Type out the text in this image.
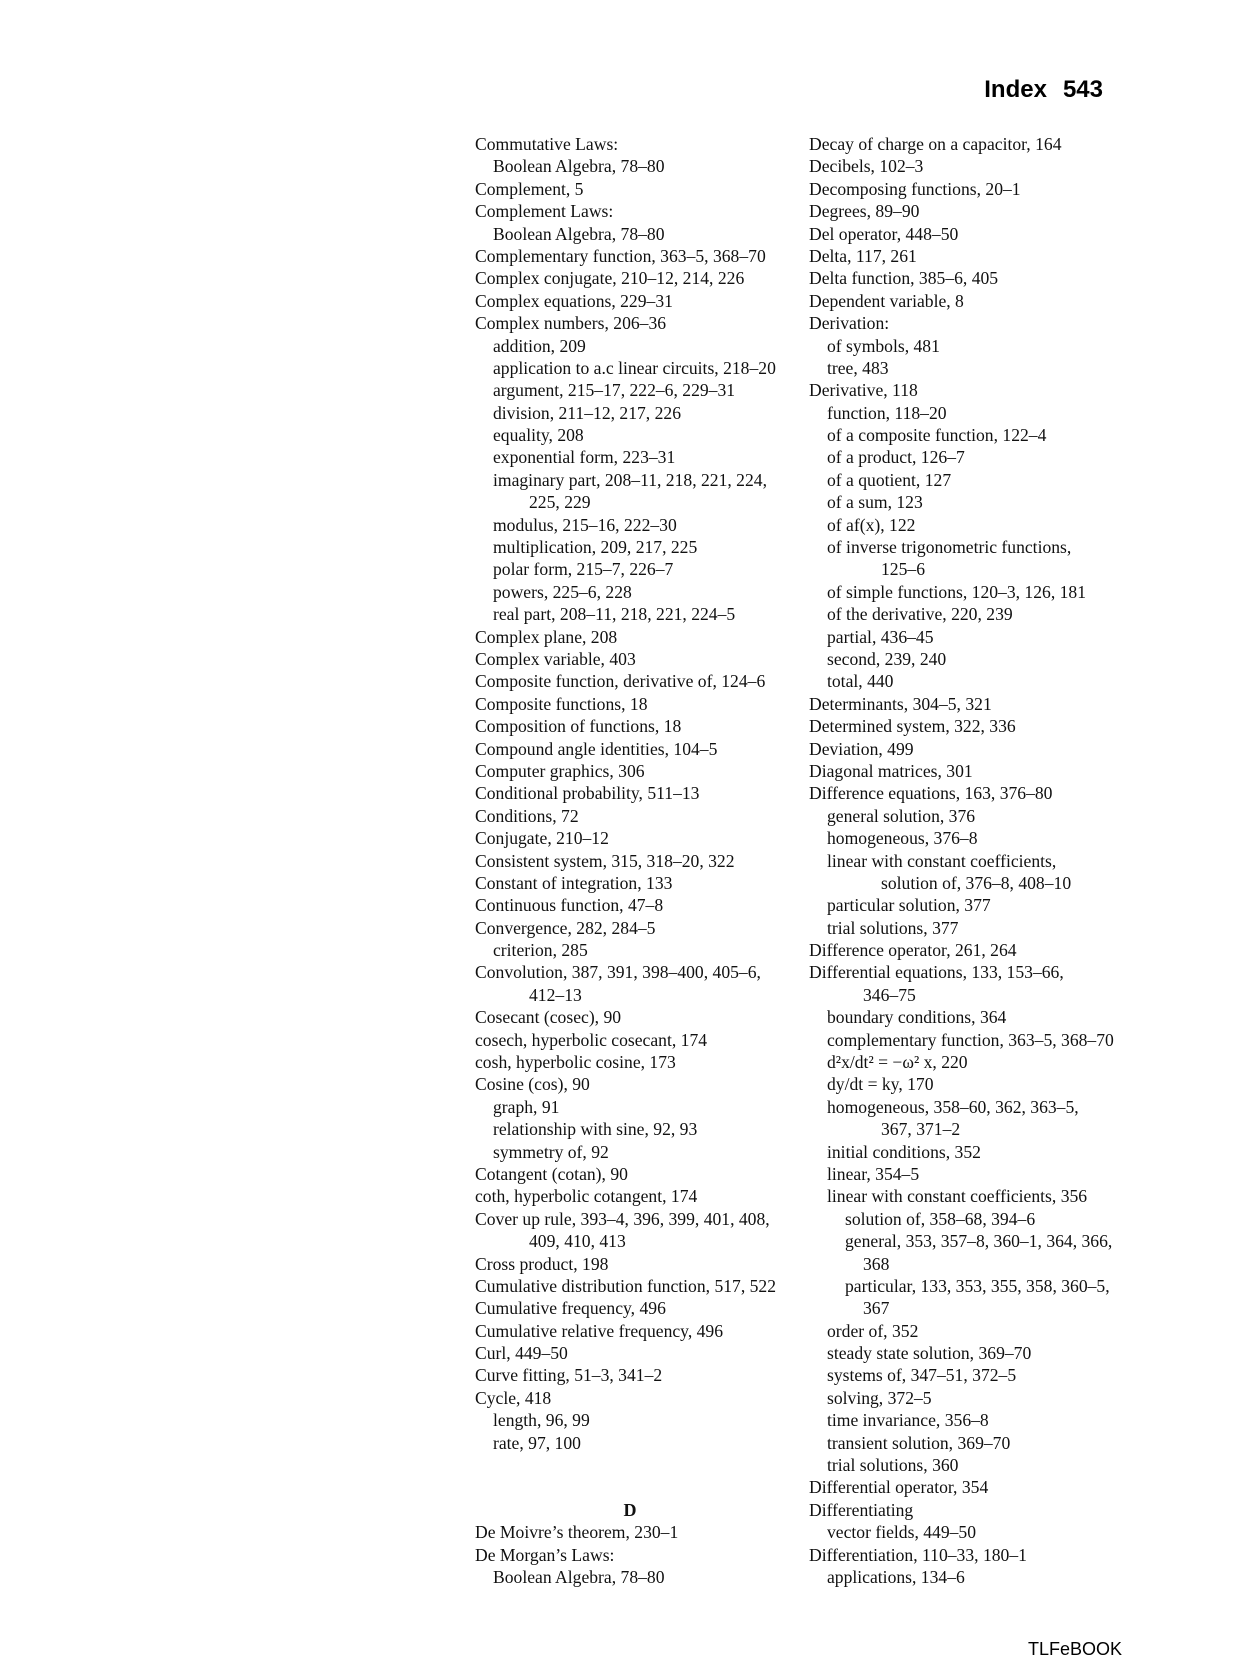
Index 543
Commutative Laws:
Boolean Algebra, 78–80
Complement, 5
Complement Laws:
Boolean Algebra, 78–80
Complementary function, 363–5, 368–70
Complex conjugate, 210–12, 214, 226
Complex equations, 229–31
Complex numbers, 206–36
addition, 209
application to a.c linear circuits, 218–20
argument, 215–17, 222–6, 229–31
division, 211–12, 217, 226
equality, 208
exponential form, 223–31
imaginary part, 208–11, 218, 221, 224,
225, 229
modulus, 215–16, 222–30
multiplication, 209, 217, 225
polar form, 215–7, 226–7
powers, 225–6, 228
real part, 208–11, 218, 221, 224–5
Complex plane, 208
Complex variable, 403
Composite function, derivative of, 124–6
Composite functions, 18
Composition of functions, 18
Compound angle identities, 104–5
Computer graphics, 306
Conditional probability, 511–13
Conditions, 72
Conjugate, 210–12
Consistent system, 315, 318–20, 322
Constant of integration, 133
Continuous function, 47–8
Convergence, 282, 284–5
criterion, 285
Convolution, 387, 391, 398–400, 405–6,
412–13
Cosecant (cosec), 90
cosech, hyperbolic cosecant, 174
cosh, hyperbolic cosine, 173
Cosine (cos), 90
graph, 91
relationship with sine, 92, 93
symmetry of, 92
Cotangent (cotan), 90
coth, hyperbolic cotangent, 174
Cover up rule, 393–4, 396, 399, 401, 408,
409, 410, 413
Cross product, 198
Cumulative distribution function, 517, 522
Cumulative frequency, 496
Cumulative relative frequency, 496
Curl, 449–50
Curve fitting, 51–3, 341–2
Cycle, 418
length, 96, 99
rate, 97, 100
D
De Moivre’s theorem, 230–1
De Morgan’s Laws:
Boolean Algebra, 78–80
Decay of charge on a capacitor, 164
Decibels, 102–3
Decomposing functions, 20–1
Degrees, 89–90
Del operator, 448–50
Delta, 117, 261
Delta function, 385–6, 405
Dependent variable, 8
Derivation:
of symbols, 481
tree, 483
Derivative, 118
function, 118–20
of a composite function, 122–4
of a product, 126–7
of a quotient, 127
of a sum, 123
of af(x), 122
of inverse trigonometric functions,
125–6
of simple functions, 120–3, 126, 181
of the derivative, 220, 239
partial, 436–45
second, 239, 240
total, 440
Determinants, 304–5, 321
Determined system, 322, 336
Deviation, 499
Diagonal matrices, 301
Difference equations, 163, 376–80
general solution, 376
homogeneous, 376–8
linear with constant coefficients,
solution of, 376–8, 408–10
particular solution, 377
trial solutions, 377
Difference operator, 261, 264
Differential equations, 133, 153–66,
346–75
boundary conditions, 364
complementary function, 363–5, 368–70
d²x/dt² = −ω² x, 220
dy/dt = ky, 170
homogeneous, 358–60, 362, 363–5,
367, 371–2
initial conditions, 352
linear, 354–5
linear with constant coefficients, 356
solution of, 358–68, 394–6
general, 353, 357–8, 360–1, 364, 366,
368
particular, 133, 353, 355, 358, 360–5,
367
order of, 352
steady state solution, 369–70
systems of, 347–51, 372–5
solving, 372–5
time invariance, 356–8
transient solution, 369–70
trial solutions, 360
Differential operator, 354
Differentiating
vector fields, 449–50
Differentiation, 110–33, 180–1
applications, 134–6
TLFeBOOK
